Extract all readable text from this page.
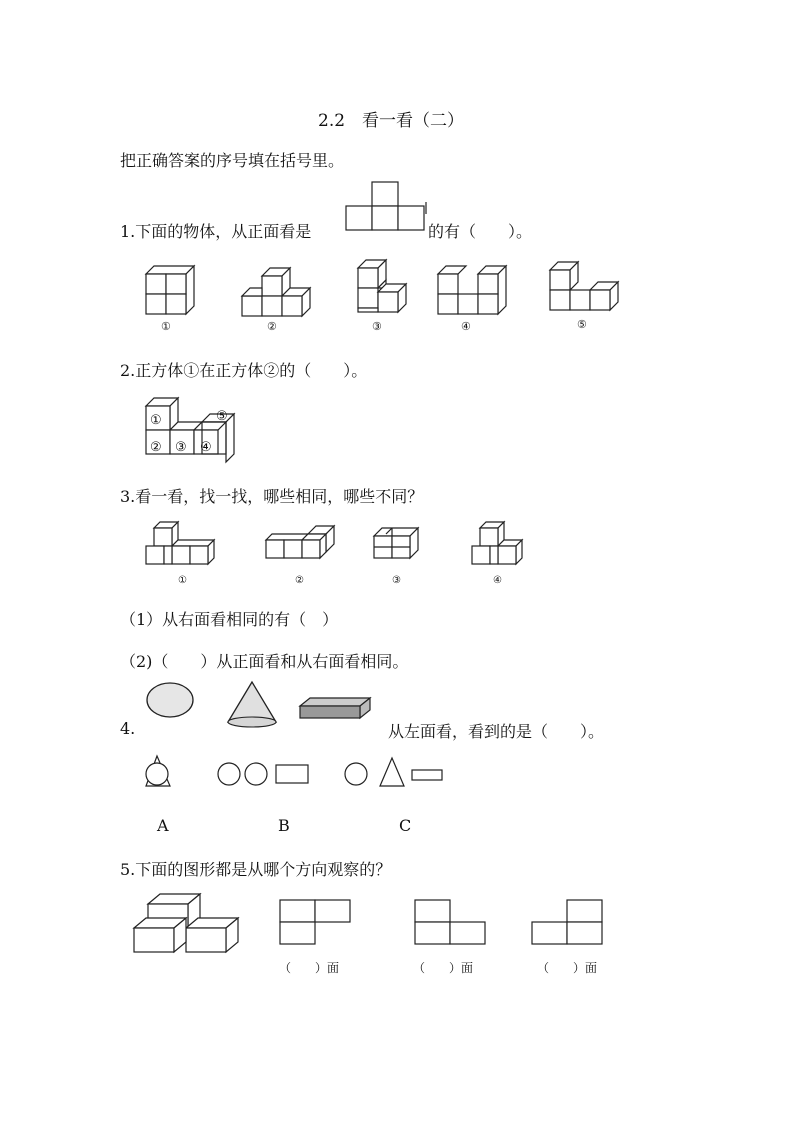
2.2　看一看（二）
把正确答案的序号填在括号里。
1.下面的物体，从正面看是	的有（　　）。
①	②	③	④	⑤
2.正方体①在正方体②的（　　）。
①
② ③ ④
⑤
3.看一看，找一找，哪些相同，哪些不同？
①	②	③	④
（1）从右面看相同的有（　）
（2)（　　）从正面看和从右面看相同。
4.	从左面看，看到的是（　　）。
A	B	C
5.下面的图形都是从哪个方向观察的？
（　　）面	（　　）面	（　　）面
